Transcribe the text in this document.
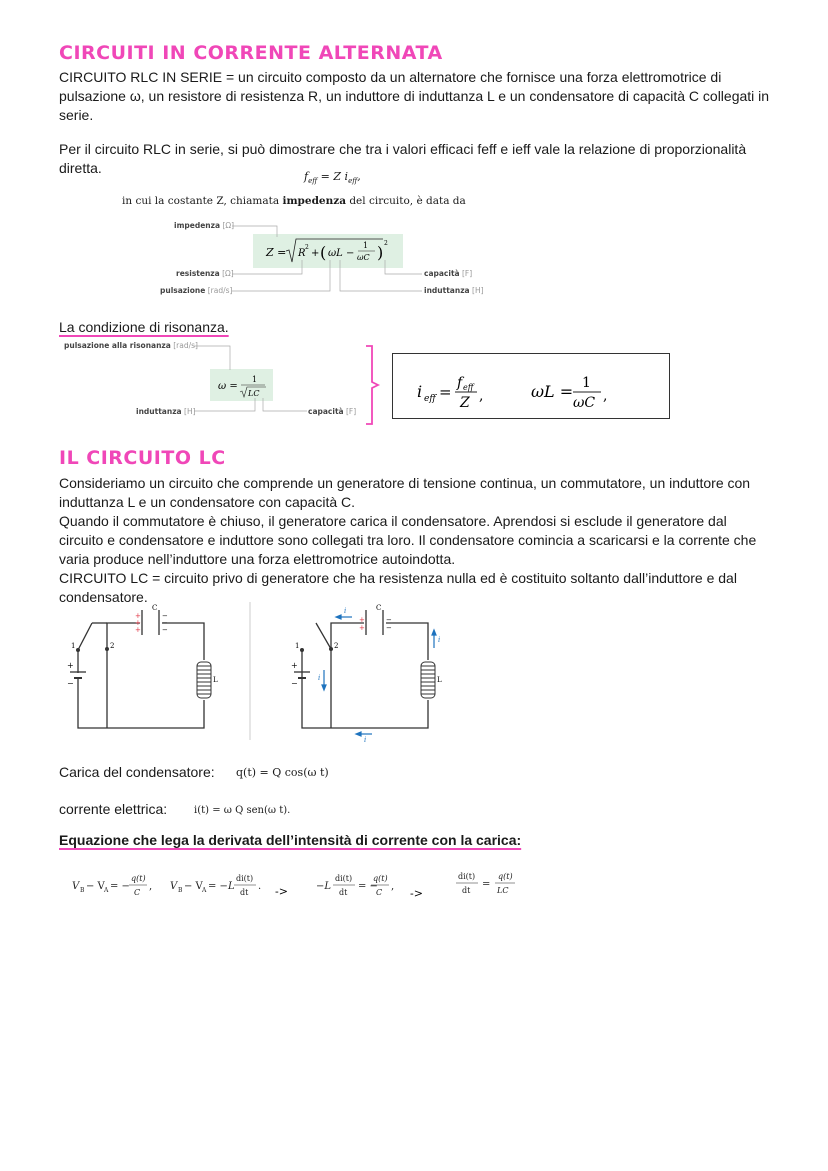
CIRCUITI IN CORRENTE ALTERNATA
CIRCUITO RLC IN SERIE = un circuito composto da un alternatore che fornisce una forza elettromotrice di
pulsazione ω, un resistore di resistenza R, un induttore di induttanza L e un condensatore di capacità C collegati in
serie.
Per il circuito RLC in serie, si può dimostrare che tra i valori efficaci feff e ieff vale la relazione di proporzionalità
diretta.
$f_{eff} = Z$ $i_{eff}$,
in cui la costante Z, chiamata impedenza del circuito, è data da
Z = R
2
+ ( ωL −
1
ωC ) 2
impedenza [Ω]
resistenza [Ω]
pulsazione [rad/s]
capacità [F]
induttanza [H]
La condizione di risonanza.
ω =
1
LC
pulsazione alla risonanza [rad/s]
induttanza [H]	capacità [F]
i eff = f eff
Z ,	ωL = 1
ωC ,
IL CIRCUITO LC
Consideriamo un circuito che comprende un generatore di tensione continua, un commutatore, un induttore con
induttanza L e un condensatore con capacità C.
Quando il commutatore è chiuso, il generatore carica il condensatore. Aprendosi si esclude il generatore dal
circuito e condensatore e induttore sono collegati tra loro. Il condensatore comincia a scaricarsi e la corrente che
varia produce nell’induttore una forza elettromotrice autoindotta.
CIRCUITO LC = circuito privo di generatore che ha resistenza nulla ed è costituito soltanto dall’induttore e dal
condensatore.
1	2
C
+
−
+
+
+
−
−
−
L
1	2
C
+
−
+
+
−
−
L
i
i
i
i
Carica del condensatore: q(t) = Q cos(ω t)
corrente elettrica:	i(t) = ω Q sen(ω t).
Equazione che lega la derivata dell’intensità di corrente con la carica:
V B − V A = −
q(t)
C
, V B − V A = −L
di(t)
dt
. ->	−L
di(t)
dt
= −
q(t)
C
,
->
di(t)
dt
=
q(t)
LC
